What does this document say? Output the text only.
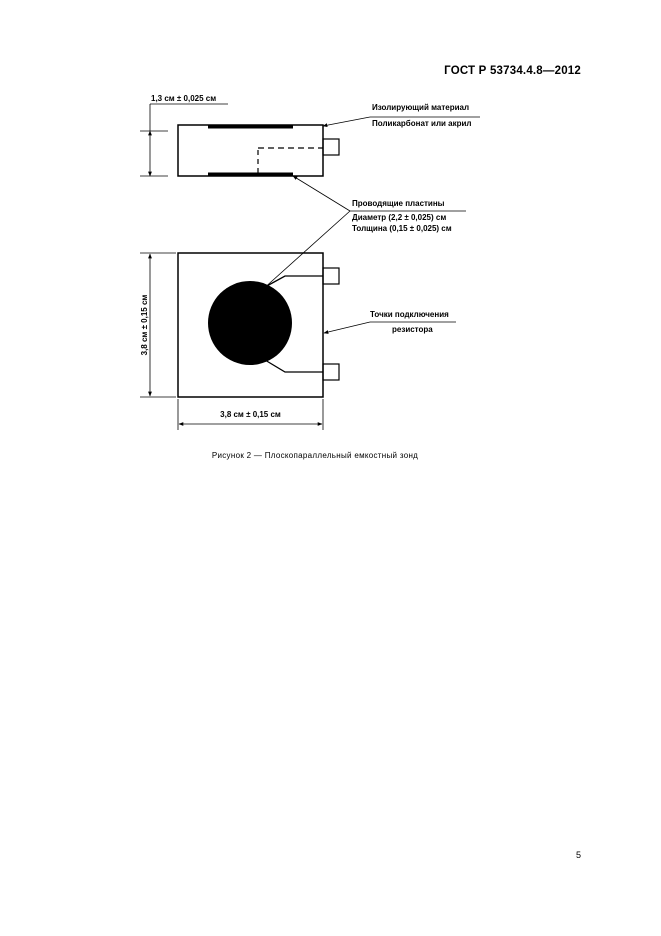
ГОСТ Р 53734.4.8—2012
1,3 см ± 0,025 см
Изолирующий материал
Поликарбонат или акрил
Проводящие пластины
Диаметр (2,2 ± 0,025) см
Толщина (0,15 ± 0,025) см
Точки подключения
резистора
3,8 см ± 0,15 см
3,8 см ± 0,15 см
Рисунок 2 — Плоскопараллельный емкостный зонд
5
